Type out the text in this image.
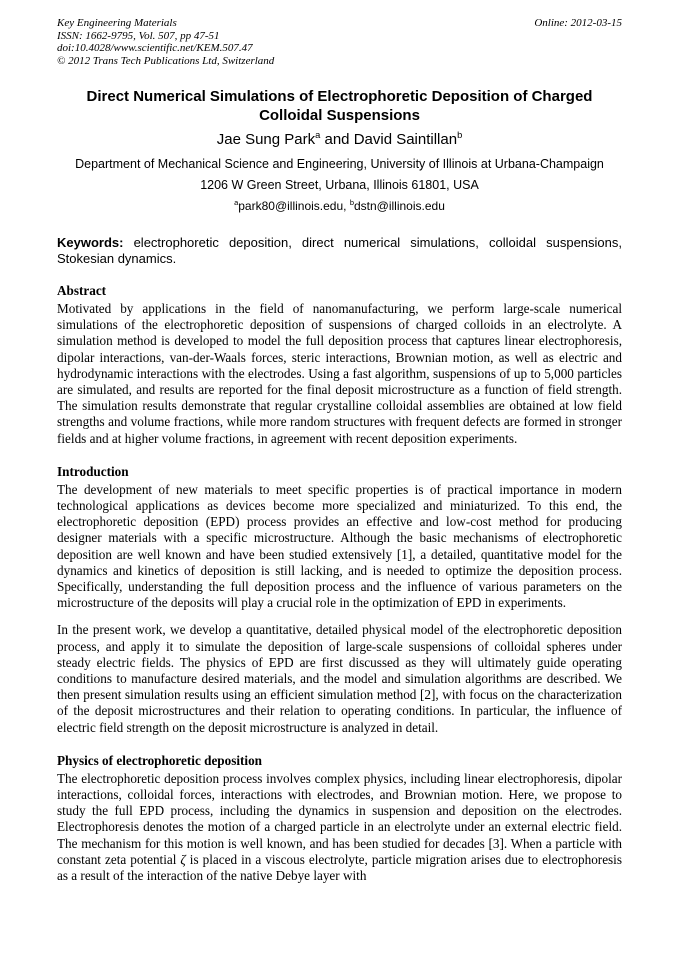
Key Engineering Materials	Online: 2012-03-15
ISSN: 1662-9795, Vol. 507, pp 47-51
doi:10.4028/www.scientific.net/KEM.507.47
© 2012 Trans Tech Publications Ltd, Switzerland
Direct Numerical Simulations of Electrophoretic Deposition of Charged Colloidal Suspensions
Jae Sung Park$^a$ and David Saintillan$^b$
Department of Mechanical Science and Engineering, University of Illinois at Urbana-Champaign
1206 W Green Street, Urbana, Illinois 61801, USA
$^a$park80@illinois.edu, $^b$dstn@illinois.edu
Keywords: electrophoretic deposition, direct numerical simulations, colloidal suspensions, Stokesian dynamics.
Abstract

Motivated by applications in the field of nanomanufacturing, we perform large-scale numerical simulations of the electrophoretic deposition of suspensions of charged colloids in an electrolyte. A simulation method is developed to model the full deposition process that captures linear electrophoresis, dipolar interactions, van-der-Waals forces, steric interactions, Brownian motion, as well as electric and hydrodynamic interactions with the electrodes. Using a fast algorithm, suspensions of up to 5,000 particles are simulated, and results are reported for the final deposit microstructure as a function of field strength. The simulation results demonstrate that regular crystalline colloidal assemblies are obtained at low field strengths and volume fractions, while more random structures with frequent defects are formed in stronger fields and at higher volume fractions, in agreement with recent deposition experiments.

Introduction

The development of new materials to meet specific properties is of practical importance in modern technological applications as devices become more specialized and miniaturized. To this end, the electrophoretic deposition (EPD) process provides an effective and low-cost method for producing designer materials with a specific microstructure. Although the basic mechanisms of electrophoretic deposition are well known and have been studied extensively [1], a detailed, quantitative model for the dynamics and kinetics of deposition is still lacking, and is needed to optimize the deposition process. Specifically, understanding the full deposition process and the influence of various parameters on the microstructure of the deposits will play a crucial role in the optimization of EPD in experiments.

In the present work, we develop a quantitative, detailed physical model of the electrophoretic deposition process, and apply it to simulate the deposition of large-scale suspensions of colloidal spheres under steady electric fields. The physics of EPD are first discussed as they will ultimately guide operating conditions to manufacture desired materials, and the model and simulation algorithms are described. We then present simulation results using an efficient simulation method [2], with focus on the characterization of the deposit microstructures and their relation to operating conditions. In particular, the influence of electric field strength on the deposit microstructure is analyzed in detail.

Physics of electrophoretic deposition

The electrophoretic deposition process involves complex physics, including linear electrophoresis, dipolar interactions, colloidal forces, interactions with electrodes, and Brownian motion. Here, we propose to study the full EPD process, including the dynamics in suspension and deposition on the electrodes. Electrophoresis denotes the motion of a charged particle in an electrolyte under an external electric field. The mechanism for this motion is well known, and has been studied for decades [3]. When a particle with constant zeta potential ζ is placed in a viscous electrolyte, particle migration arises due to electrophoresis as a result of the interaction of the native Debye layer with
